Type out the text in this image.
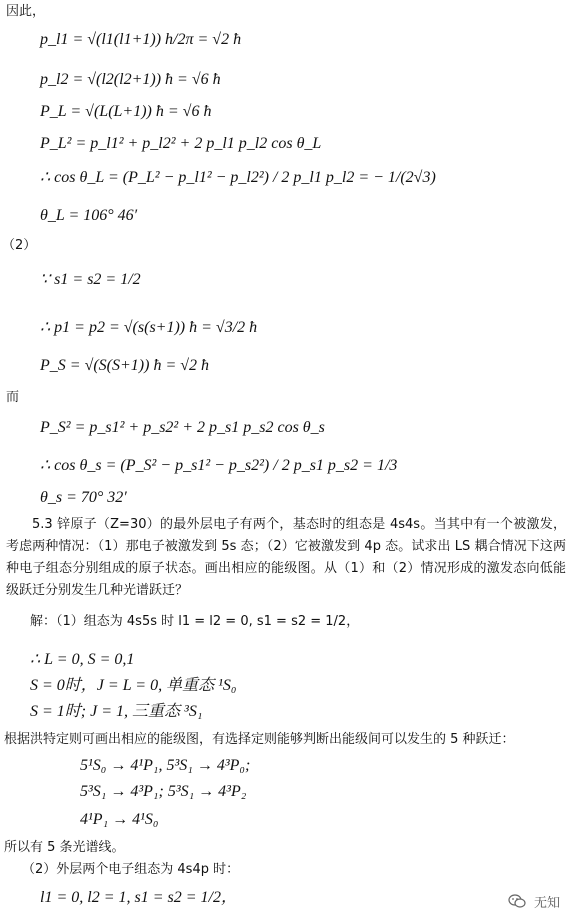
因此，
p_l1 = √(l1(l1+1)) h/2π = √2 ħ
p_l2 = √(l2(l2+1)) ħ = √6 ħ
P_L = √(L(L+1)) ħ = √6 ħ
P_L² = p_l1² + p_l2² + 2 p_l1 p_l2 cos θ_L
∴ cos θ_L = (P_L² − p_l1² − p_l2²) / 2 p_l1 p_l2 = − 1/(2√3)
θ_L = 106° 46′
（2）
∵ s1 = s2 = 1/2
∴ p1 = p2 = √(s(s+1)) ħ = √3/2 ħ
P_S = √(S(S+1)) ħ = √2 ħ
而
P_S² = p_s1² + p_s2² + 2 p_s1 p_s2 cos θ_s
∴ cos θ_s = (P_S² − p_s1² − p_s2²) / 2 p_s1 p_s2 = 1/3
θ_s = 70° 32′
5.3 锌原子（Z=30）的最外层电子有两个，基态时的组态是 4s4s。当其中有一个被激发，考虑两种情况：（1）那电子被激发到 5s 态；（2）它被激发到 4p 态。试求出 LS 耦合情况下这两种电子组态分别组成的原子状态。画出相应的能级图。从（1）和（2）情况形成的激发态向低能级跃迁分别发生几种光谱跃迁？
解：（1）组态为 4s5s 时 l1 = l2 = 0, s1 = s2 = 1/2，
∴ L = 0, S = 0,1
S = 0时，J = L = 0, 单重态 ¹S₀
S = 1时; J = 1, 三重态 ³S₁
根据洪特定则可画出相应的能级图，有选择定则能够判断出能级间可以发生的 5 种跃迁：
5¹S₀ → 4¹P₁, 5³S₁ → 4³P₀;
5³S₁ → 4³P₁; 5³S₁ → 4³P₂
4¹P₁ → 4¹S₀
所以有 5 条光谱线。
（2）外层两个电子组态为 4s4p 时：
l1 = 0, l2 = 1, s1 = s2 = 1/2，	无知
